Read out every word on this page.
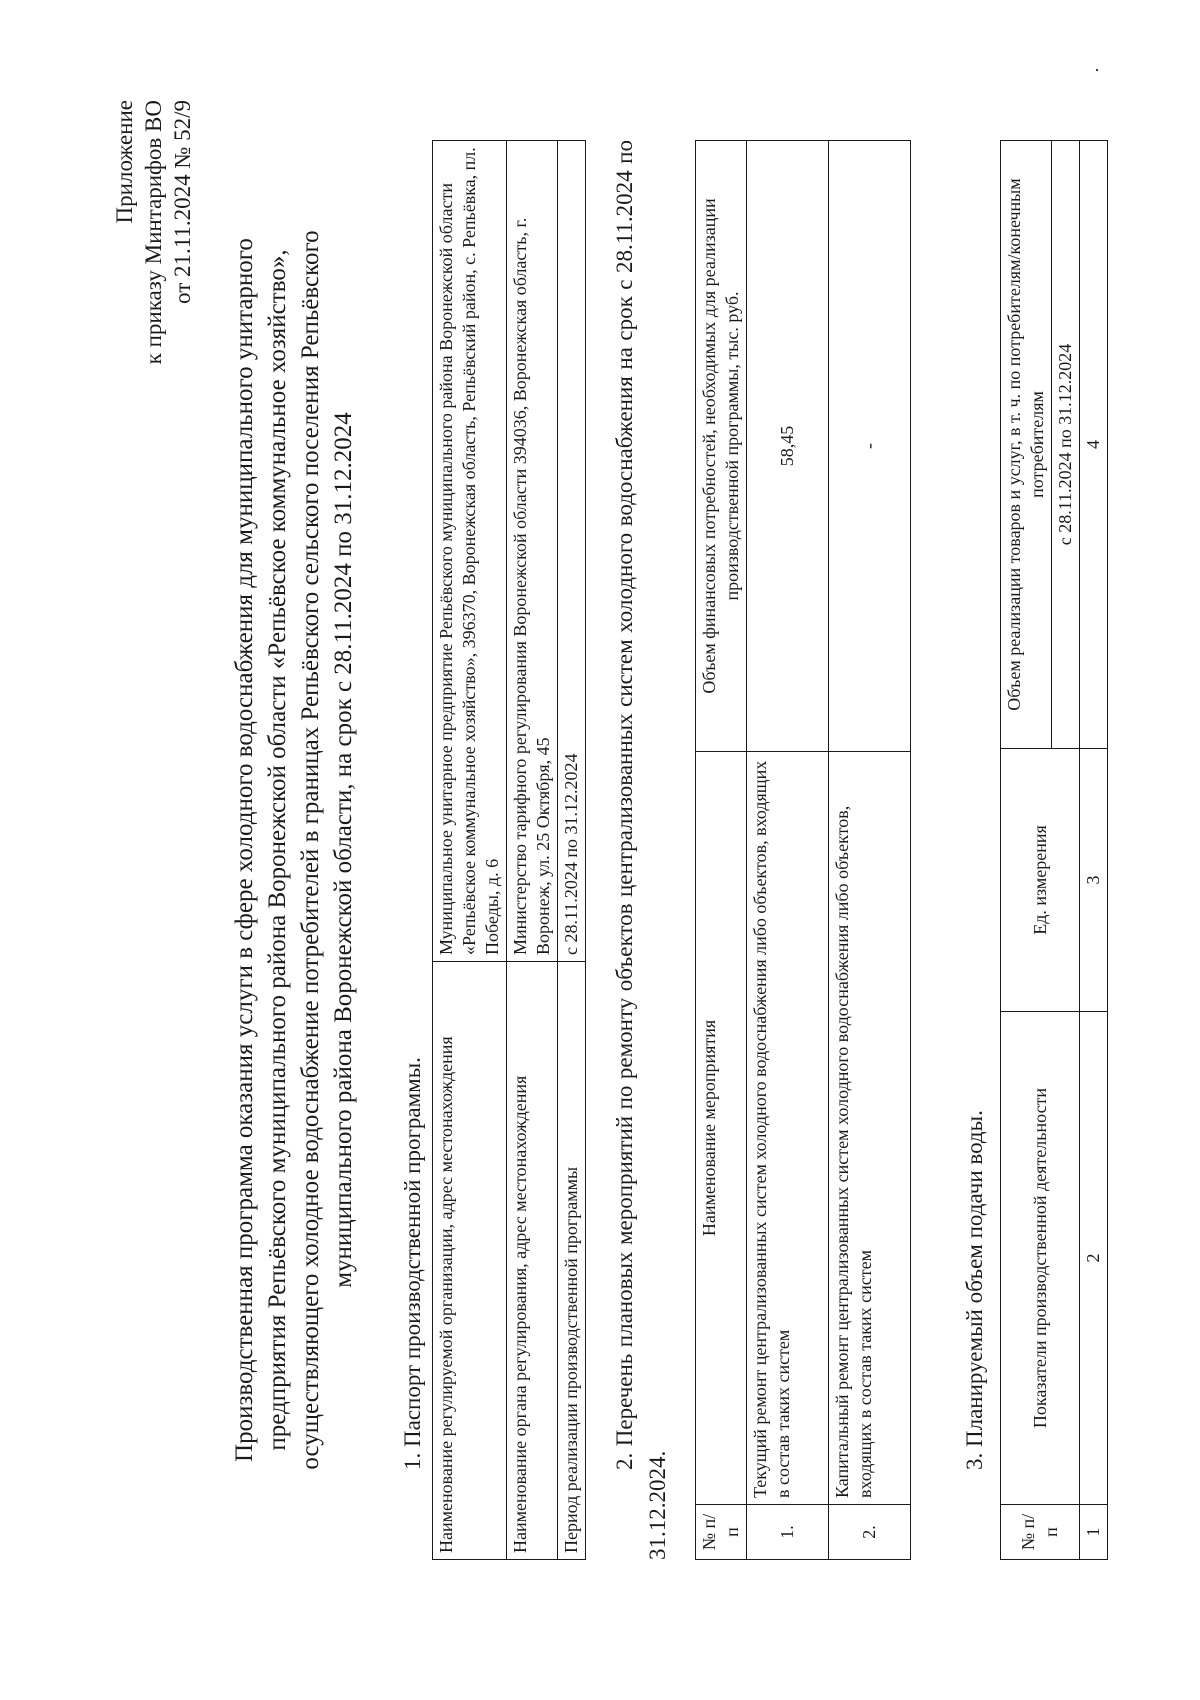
·
Приложение к приказу Минтарифов ВО от 21.11.2024 № 52/9
Производственная программа оказания услуги в сфере холодного водоснабжения для муниципального унитарного предприятия Репьёвского муниципального района Воронежской области «Репьёвское коммунальное хозяйство», осуществляющего холодное водоснабжение потребителей в границах Репьёвского сельского поселения Репьёвского муниципального района Воронежской области, на срок с 28.11.2024 по 31.12.2024 1. Паспорт производственной программы. Наименование регулируемой организации, адрес местонахождения	Муниципальное унитарное предприятие Репьёвского муниципального района Воронежской области «Репьёвское коммунальное хозяйство», 396370, Воронежская область, Репьёвский район, с. Репьёвка, пл. Победы, д. 6
Наименование органа регулирования, адрес местонахождения	Министерство тарифного регулирования Воронежской области 394036, Воронежская область, г. Воронеж, ул. 25 Октября, 45
Период реализации производственной программы	с 28.11.2024 по 31.12.2024 2. Перечень плановых мероприятий по ремонту объектов централизованных систем холодного водоснабжения на срок с 28.11.2024 по 31.12.2024. № п/п	Наименование мероприятия	Объем финансовых потребностей, необходимых для реализации производственной программы, тыс. руб.
1.	Текущий ремонт централизованных систем холодного водоснабжения либо объектов, входящих в состав таких систем	58,45
2.	Капитальный ремонт централизованных систем холодного водоснабжения либо объектов, входящих в состав таких систем	-
3. Планируемый объем подачи воды.
№ п/п	Показатели производственной деятельности	Ед. измерения	Объем реализации товаров и услуг, в т. ч. по потребителям/конечным потребителям
			с 28.11.2024 по 31.12.2024
1	2	3	4
